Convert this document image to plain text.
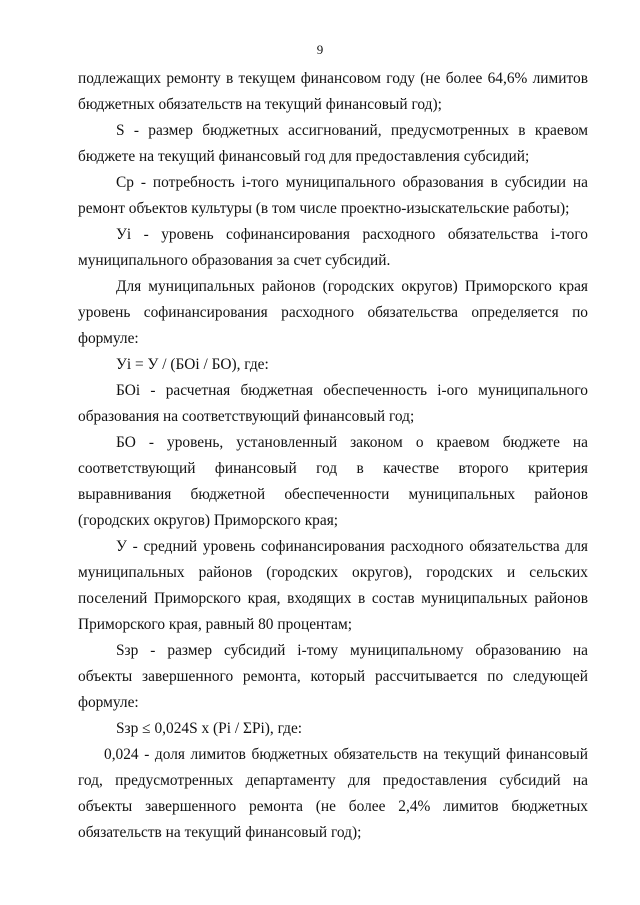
9

подлежащих ремонту в текущем финансовом году (не более 64,6% лимитов бюджетных обязательств на текущий финансовый год);

S - размер бюджетных ассигнований, предусмотренных в краевом бюджете на текущий финансовый год для предоставления субсидий;

Ср - потребность i-того муниципального образования в субсидии на ремонт объектов культуры (в том числе проектно-изыскательские работы);

Уi - уровень софинансирования расходного обязательства i-того муниципального образования за счет субсидий.

Для муниципальных районов (городских округов) Приморского края уровень софинансирования расходного обязательства определяется по формуле:

Уi = У / (БОi / БО), где:

БОi - расчетная бюджетная обеспеченность i-ого муниципального образования на соответствующий финансовый год;

БО - уровень, установленный законом о краевом бюджете на соответствующий финансовый год в качестве второго критерия выравнивания бюджетной обеспеченности муниципальных районов (городских округов) Приморского края;

У - средний уровень софинансирования расходного обязательства для муниципальных районов (городских округов), городских и сельских поселений Приморского края, входящих в состав муниципальных районов Приморского края, равный 80 процентам;

Sзр - размер субсидий i-тому муниципальному образованию на объекты завершенного ремонта, который рассчитывается по следующей формуле:

Sзр ≤ 0,024S x (Pi / ΣPi), где:

0,024 - доля лимитов бюджетных обязательств на текущий финансовый год, предусмотренных департаменту для предоставления субсидий на объекты завершенного ремонта (не более 2,4% лимитов бюджетных обязательств на текущий финансовый год);
